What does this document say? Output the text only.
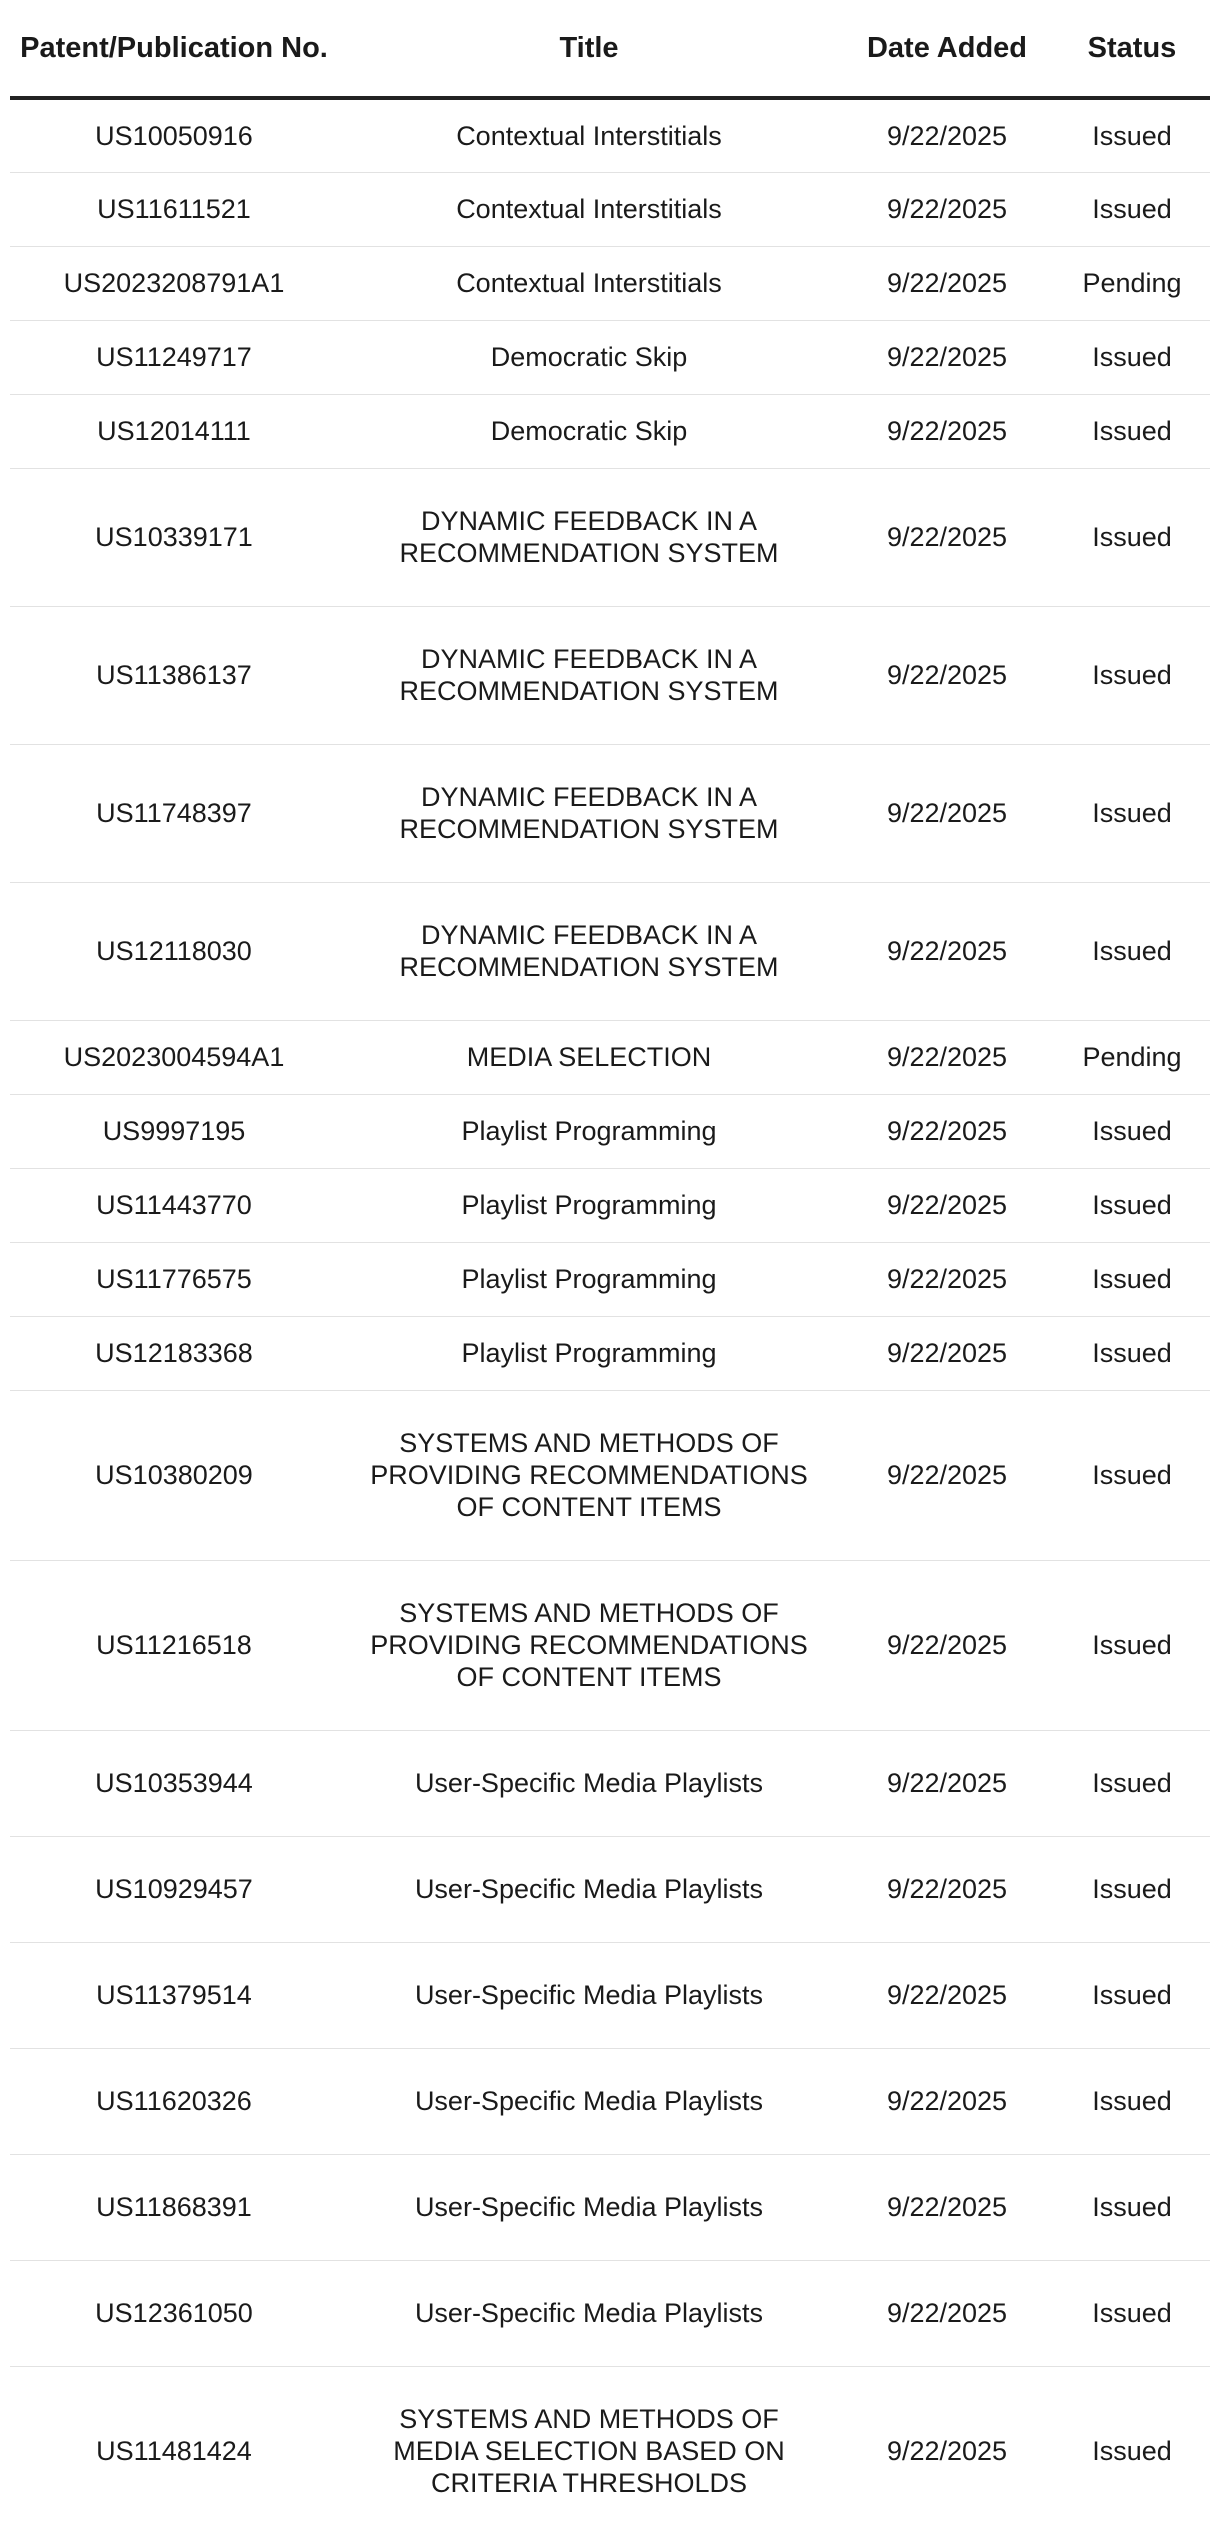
Patent/Publication No.	Title	Date Added	Status
US10050916	Contextual Interstitials	9/22/2025	Issued
US11611521	Contextual Interstitials	9/22/2025	Issued
US2023208791A1	Contextual Interstitials	9/22/2025	Pending
US11249717	Democratic Skip	9/22/2025	Issued
US12014111	Democratic Skip	9/22/2025	Issued
US10339171	DYNAMIC FEEDBACK IN A RECOMMENDATION SYSTEM	9/22/2025	Issued
US11386137	DYNAMIC FEEDBACK IN A RECOMMENDATION SYSTEM	9/22/2025	Issued
US11748397	DYNAMIC FEEDBACK IN A RECOMMENDATION SYSTEM	9/22/2025	Issued
US12118030	DYNAMIC FEEDBACK IN A RECOMMENDATION SYSTEM	9/22/2025	Issued
US2023004594A1	MEDIA SELECTION	9/22/2025	Pending
US9997195	Playlist Programming	9/22/2025	Issued
US11443770	Playlist Programming	9/22/2025	Issued
US11776575	Playlist Programming	9/22/2025	Issued
US12183368	Playlist Programming	9/22/2025	Issued
US10380209	SYSTEMS AND METHODS OF PROVIDING RECOMMENDATIONS OF CONTENT ITEMS	9/22/2025	Issued
US11216518	SYSTEMS AND METHODS OF PROVIDING RECOMMENDATIONS OF CONTENT ITEMS	9/22/2025	Issued
US10353944	User-Specific Media Playlists	9/22/2025	Issued
US10929457	User-Specific Media Playlists	9/22/2025	Issued
US11379514	User-Specific Media Playlists	9/22/2025	Issued
US11620326	User-Specific Media Playlists	9/22/2025	Issued
US11868391	User-Specific Media Playlists	9/22/2025	Issued
US12361050	User-Specific Media Playlists	9/22/2025	Issued
US11481424	SYSTEMS AND METHODS OF MEDIA SELECTION BASED ON CRITERIA THRESHOLDS	9/22/2025	Issued
